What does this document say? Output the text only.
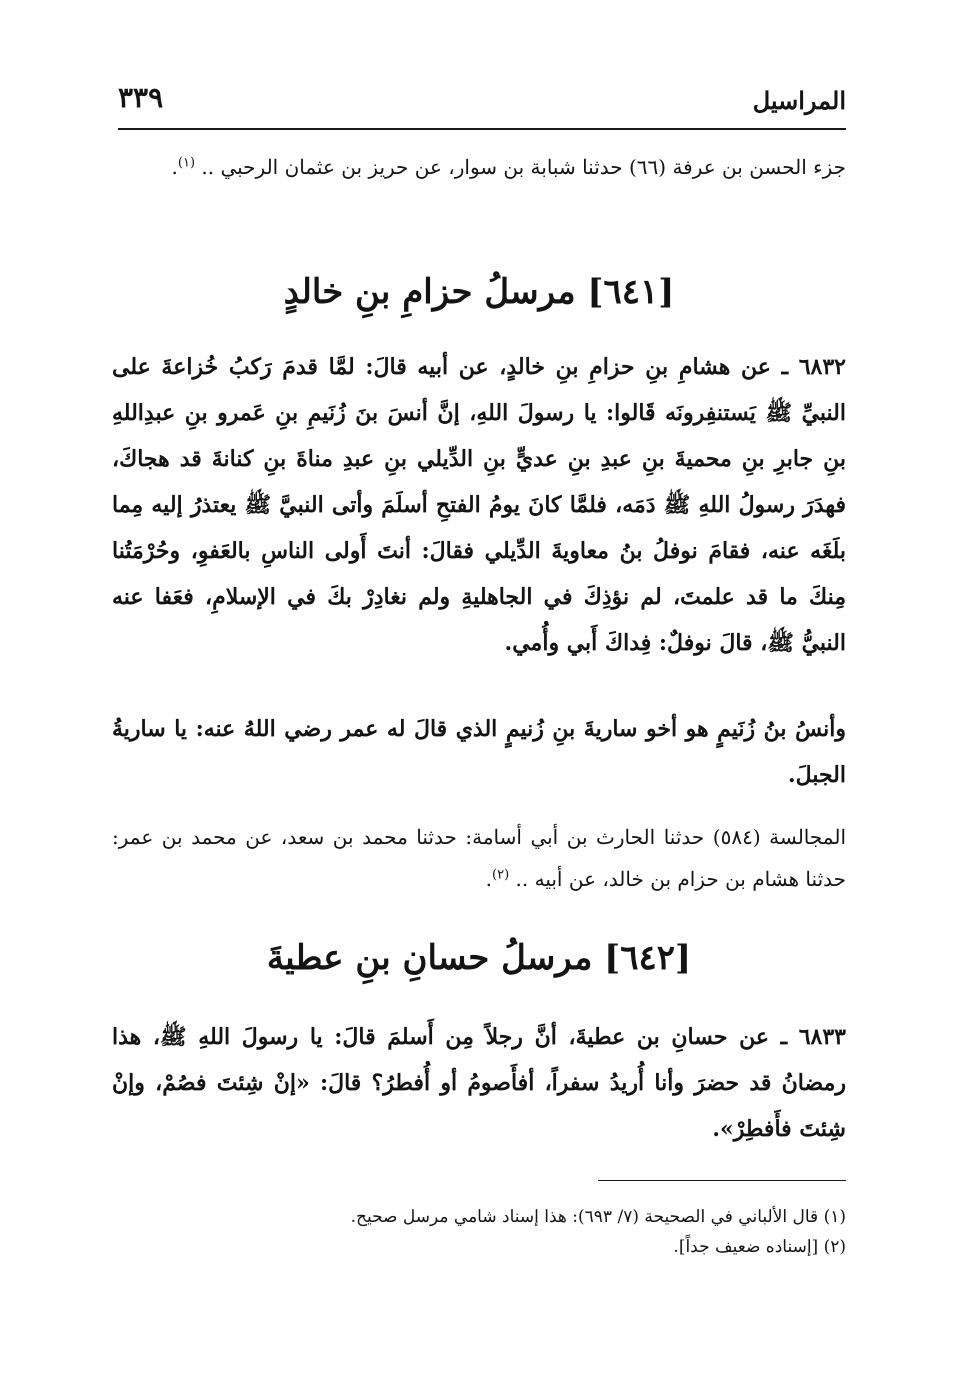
المراسيل
٣٣٩
جزء الحسن بن عرفة (٦٦) حدثنا شبابة بن سوار، عن حريز بن عثمان الرحبي .. $^{(١)}$.
[٦٤١] مرسلُ حزامِ بنِ خالدٍ
٦٨٣٢ ـ عن هشامِ بنِ حزامِ بنِ خالدٍ، عن أبيه قالَ: لمَّا قدمَ رَكبُ خُزاعةَ على النبيِّ ﷺ يَستنفِرونَه قَالوا: يا رسولَ اللهِ، إنَّ أنسَ بنَ زُنَيمِ بنِ عَمرو بنِ عبدِاللهِ بنِ جابرِ بنِ محميةَ بنِ عبدِ بنِ عديٍّ بنِ الدِّيلي بنِ عبدِ مناةَ بنِ كنانةَ قد هجاكَ، فهدَرَ رسولُ اللهِ ﷺ دَمَه، فلمَّا كانَ يومُ الفتحِ أسلَمَ وأتى النبيَّ ﷺ يعتذرُ إليه مِما بلَغَه عنه، فقامَ نوفلُ بنُ معاويةَ الدِّيلي فقالَ: أنتَ أَولى الناسِ بالعَفوِ، وحُرْمَتُنا مِنكَ ما قد علمتَ، لم نؤذِكَ في الجاهليةِ ولم نغادِرْ بكَ في الإسلامِ، فعَفا عنه النبيُّ ﷺ، قالَ نوفلٌ: فِداكَ أَبي وأُمي.
وأنسُ بنُ زُنَيمٍ هو أخو ساريةَ بنِ زُنيمٍ الذي قالَ له عمر رضي اللهُ عنه: يا ساريةُ الجبلَ.
المجالسة (٥٨٤) حدثنا الحارث بن أبي أسامة: حدثنا محمد بن سعد، عن محمد بن عمر: حدثنا هشام بن حزام بن خالد، عن أبيه .. $^{(٢)}$.
[٦٤٢] مرسلُ حسانِ بنِ عطيةَ
٦٨٣٣ ـ عن حسانِ بن عطيةَ، أنَّ رجلاً مِن أَسلمَ قالَ: يا رسولَ اللهِ ﷺ، هذا رمضانُ قد حضرَ وأنا أُريدُ سفراً، أفأَصومُ أو أُفطرُ؟ قالَ: «إنْ شِئتَ فصُمْ، وإنْ شِئتَ فأَفطِرْ».
(١) قال الألباني في الصحيحة (٧/ ٦٩٣): هذا إسناد شامي مرسل صحيح.
(٢) [إسناده ضعيف جداً].
